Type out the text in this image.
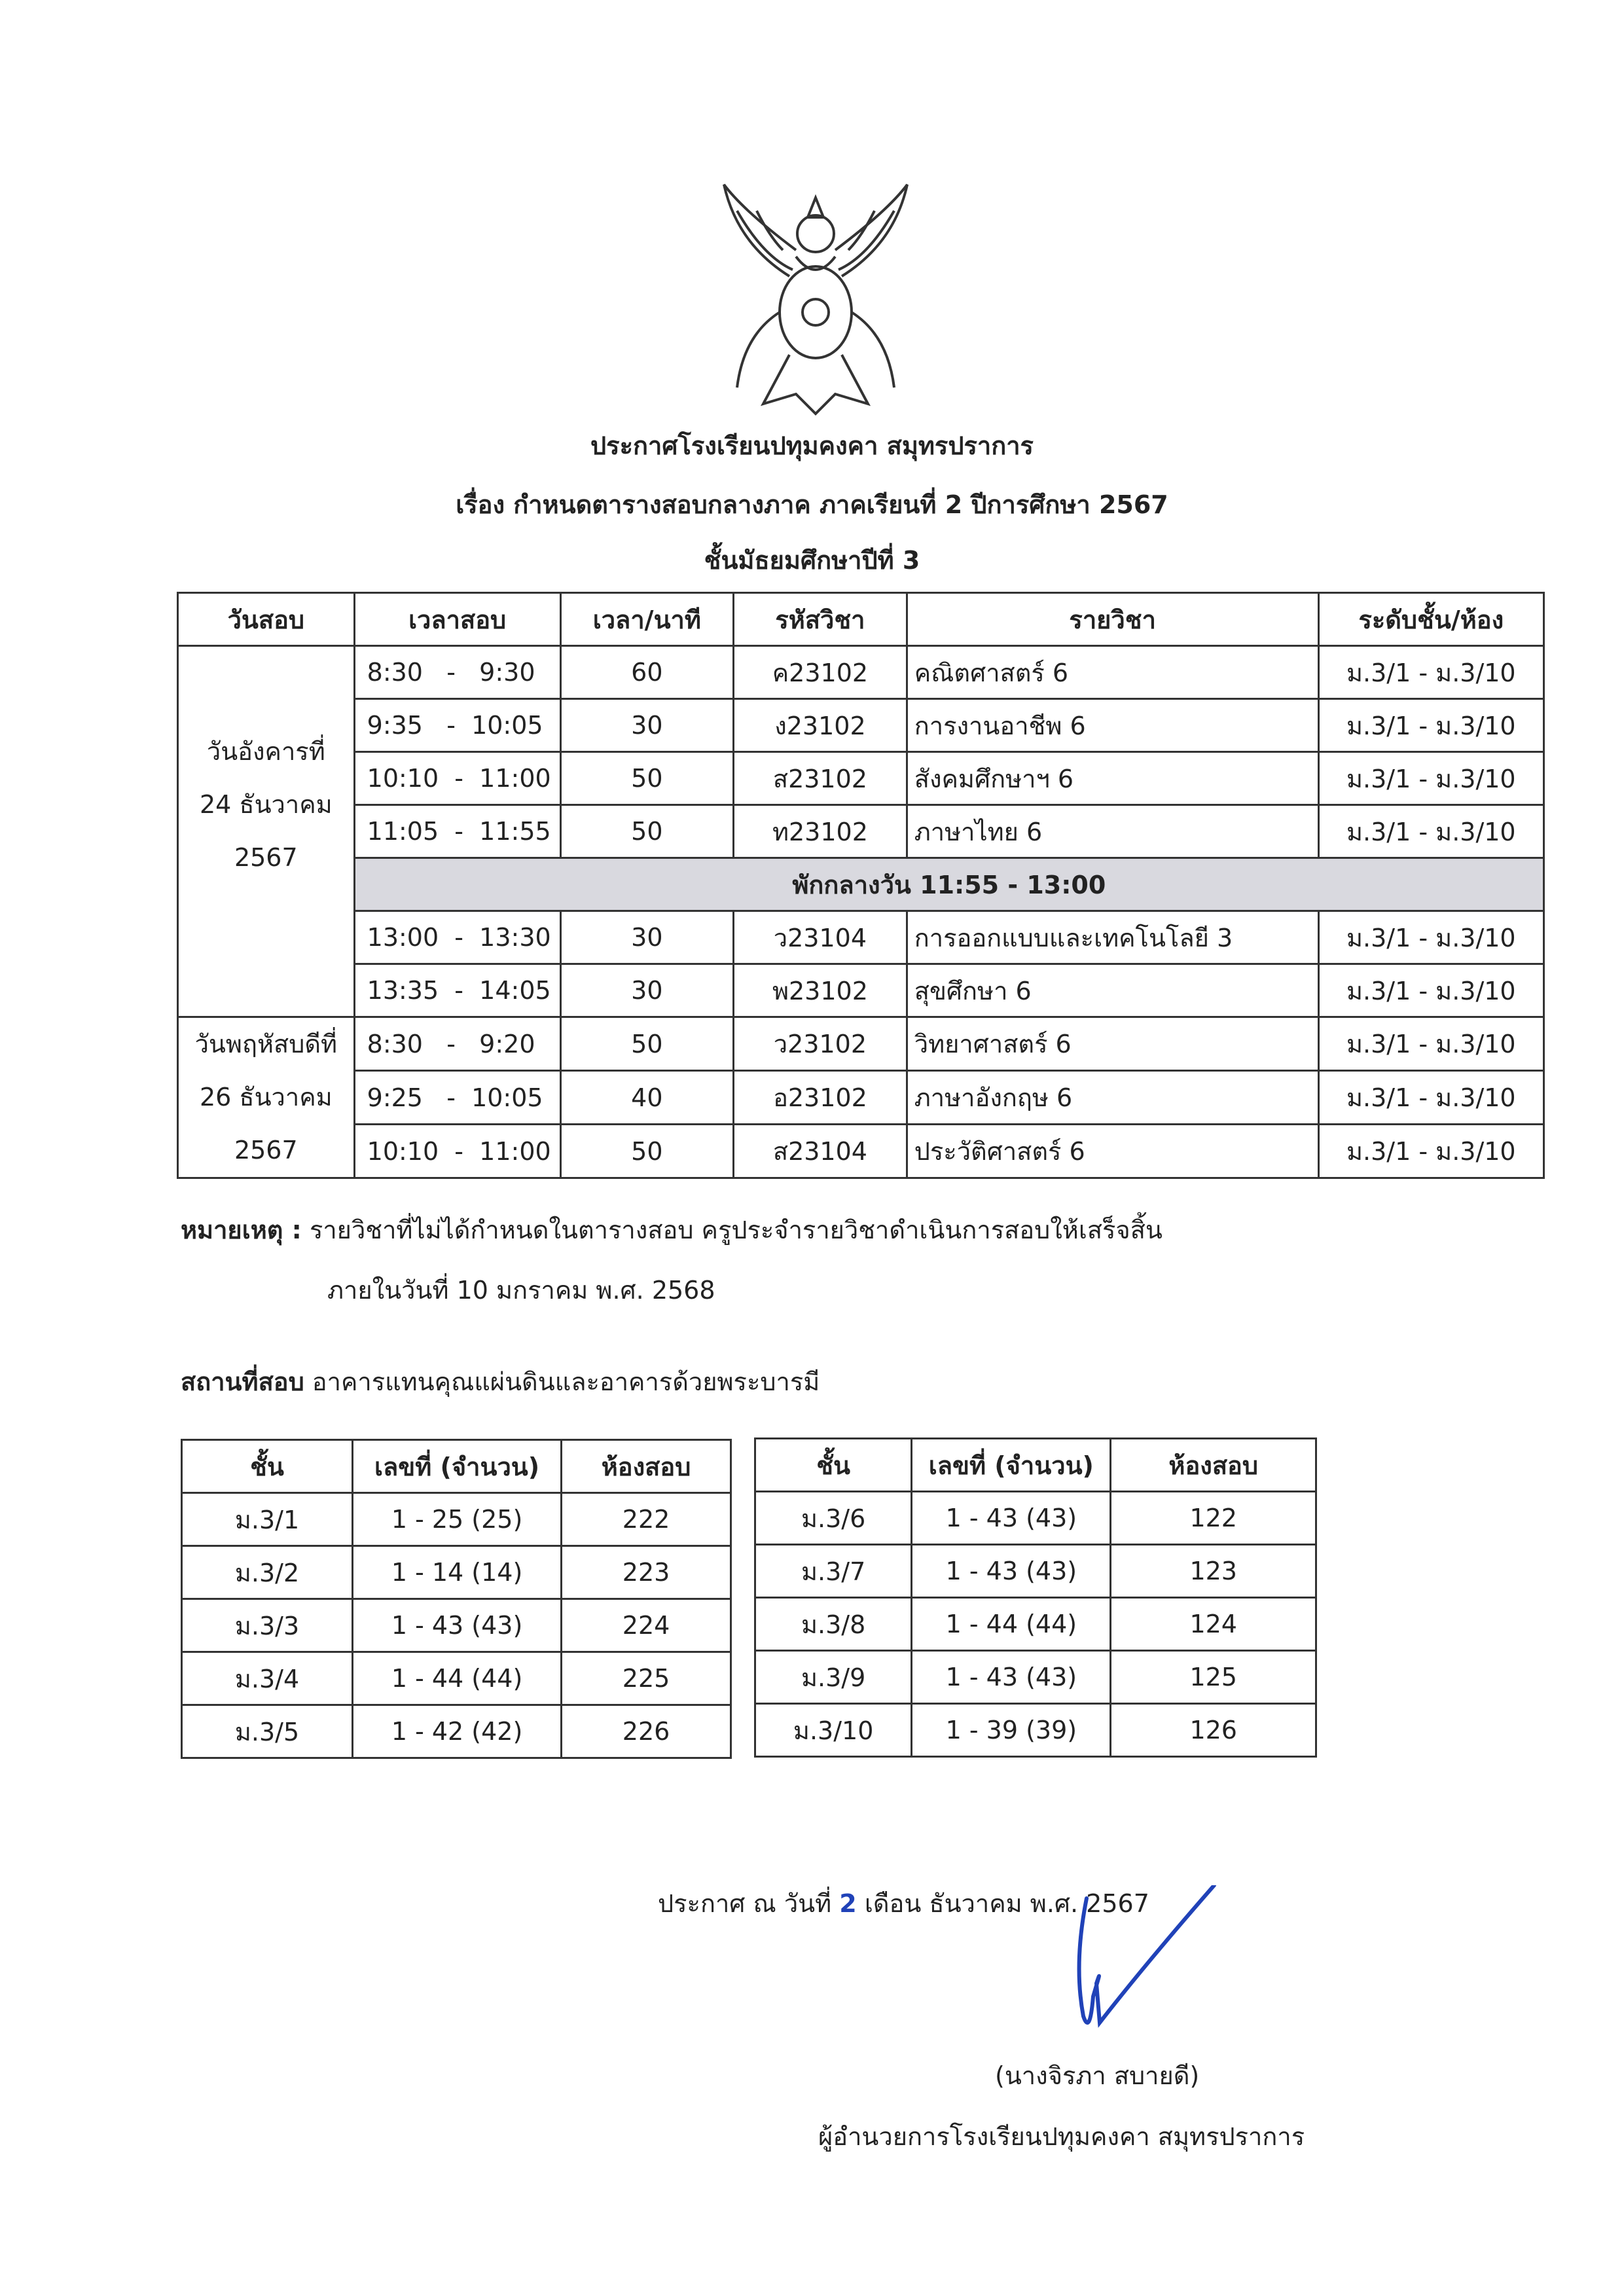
ประกาศโรงเรียนปทุมคงคา สมุทรปราการ
เรื่อง กำหนดตารางสอบกลางภาค ภาคเรียนที่ 2 ปีการศึกษา 2567
ชั้นมัธยมศึกษาปีที่ 3
วันสอบ	เวลาสอบ	เวลา/นาที	รหัสวิชา	รายวิชา	ระดับชั้น/ห้อง

วันอังคารที่
24 ธันวาคม
2567	8:30   -   9:30	60	ค23102	คณิตศาสตร์ 6	ม.3/1 - ม.3/10
	9:35   -  10:05	30	ง23102	การงานอาชีพ 6	ม.3/1 - ม.3/10
	10:10  -  11:00	50	ส23102	สังคมศึกษาฯ 6	ม.3/1 - ม.3/10
	11:05  -  11:55	50	ท23102	ภาษาไทย 6	ม.3/1 - ม.3/10
	พักกลางวัน 11:55 - 13:00				
	13:00  -  13:30	30	ว23104	การออกแบบและเทคโนโลยี 3	ม.3/1 - ม.3/10
	13:35  -  14:05	30	พ23102	สุขศึกษา 6	ม.3/1 - ม.3/10

วันพฤหัสบดีที่
26 ธันวาคม
2567	8:30   -   9:20	50	ว23102	วิทยาศาสตร์ 6	ม.3/1 - ม.3/10
	9:25   -  10:05	40	อ23102	ภาษาอังกฤษ 6	ม.3/1 - ม.3/10
	10:10  -  11:00	50	ส23104	ประวัติศาสตร์ 6	ม.3/1 - ม.3/10
หมายเหตุ : รายวิชาที่ไม่ได้กำหนดในตารางสอบ ครูประจำรายวิชาดำเนินการสอบให้เสร็จสิ้น
ภายในวันที่ 10 มกราคม พ.ศ. 2568
สถานที่สอบ อาคารแทนคุณแผ่นดินและอาคารด้วยพระบารมี
ชั้น	เลขที่ (จำนวน)	ห้องสอบ
ม.3/1	1 - 25 (25)	222
ม.3/2	1 - 14 (14)	223
ม.3/3	1 - 43 (43)	224
ม.3/4	1 - 44 (44)	225
ม.3/5	1 - 42 (42)	226
ชั้น	เลขที่ (จำนวน)	ห้องสอบ
ม.3/6	1 - 43 (43)	122
ม.3/7	1 - 43 (43)	123
ม.3/8	1 - 44 (44)	124
ม.3/9	1 - 43 (43)	125
ม.3/10	1 - 39 (39)	126
ประกาศ ณ วันที่ 2 เดือน ธันวาคม พ.ศ. 2567
(นางจิรภา สบายดี)
ผู้อำนวยการโรงเรียนปทุมคงคา สมุทรปราการ
